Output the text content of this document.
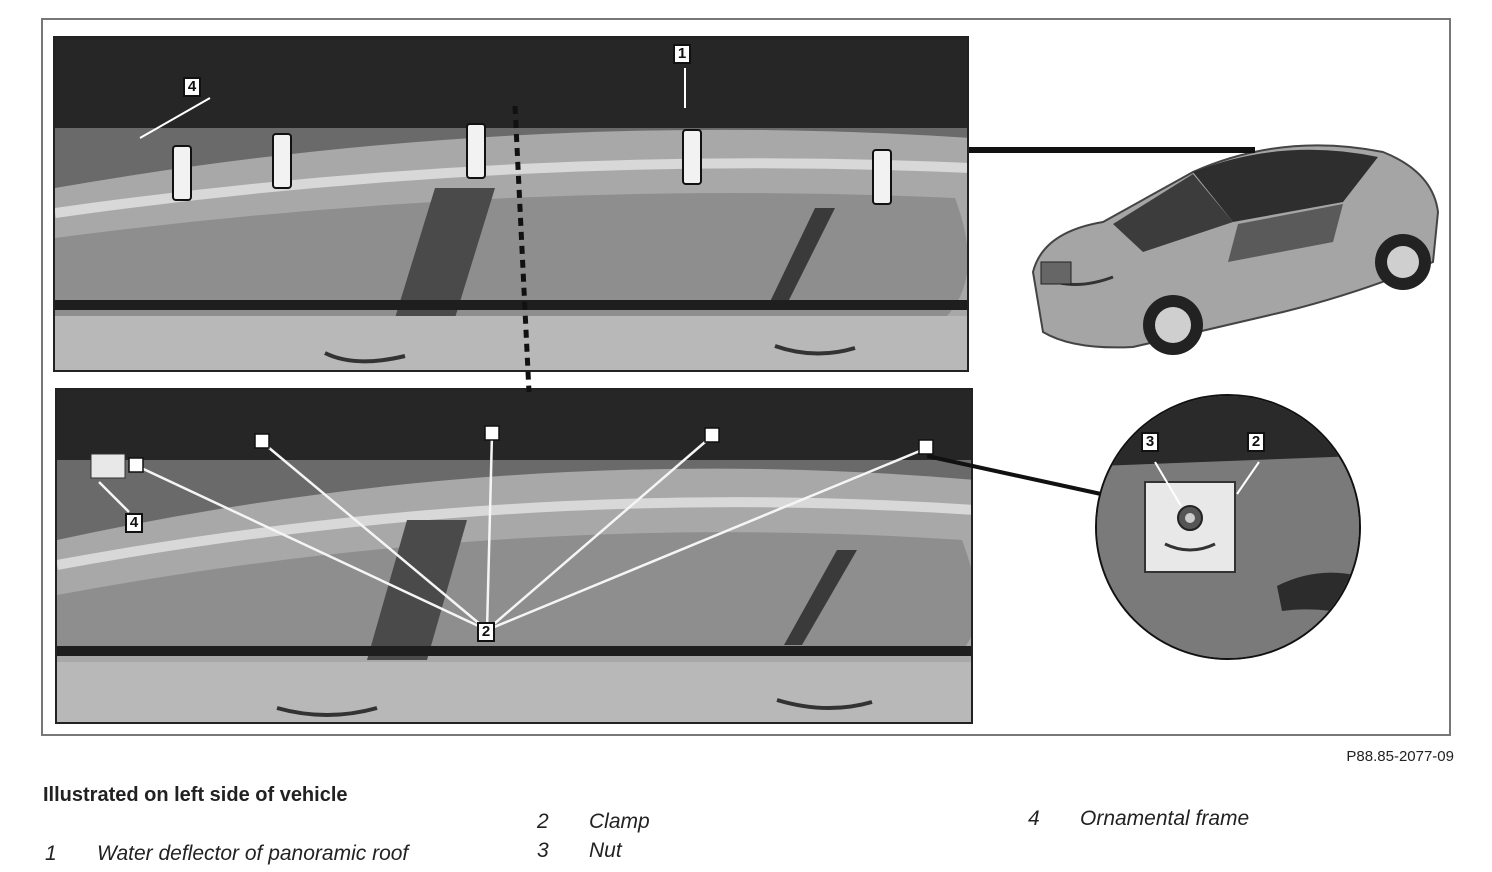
1
4
4
2
3	2
P88.85-2077-09
Illustrated on left side of vehicle
2 Clamp	4 Ornamental frame
1 Water deflector of panoramic roof	3 Nut
